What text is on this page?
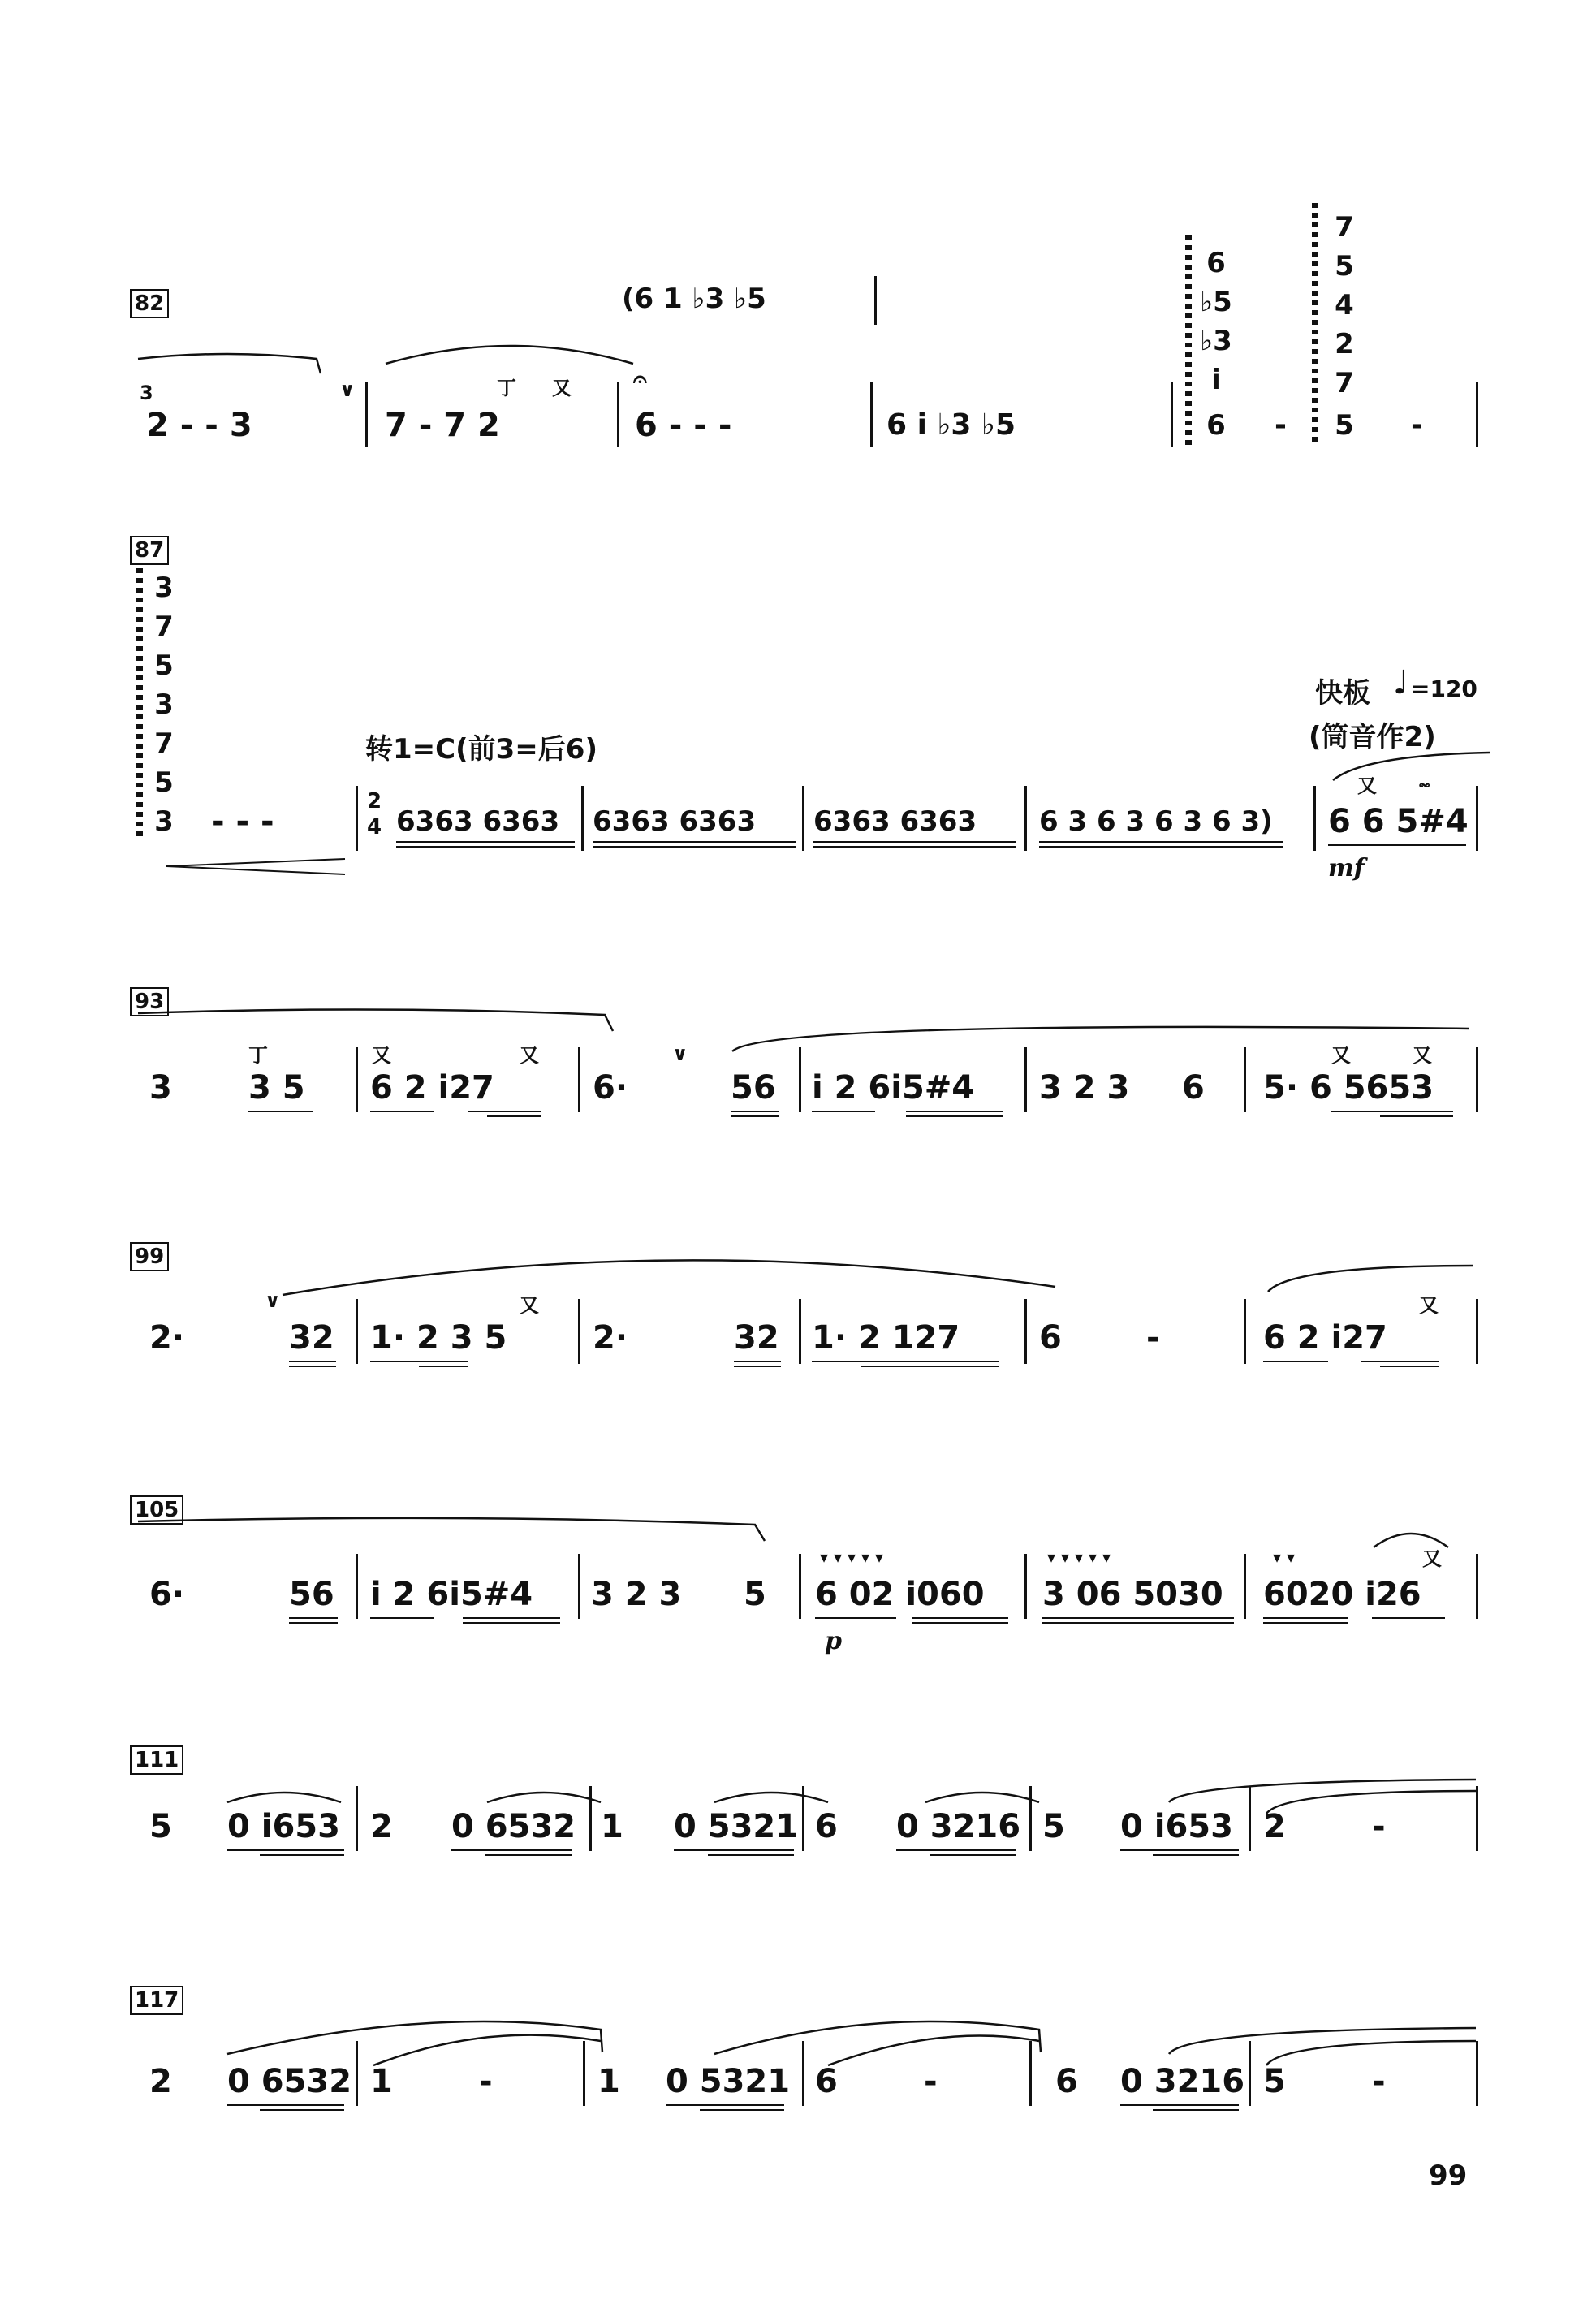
82	(6 1 ♭3 ♭5
3
2 - - 3
∨	丁 又
7 - 7 2
𝄐
6 - - -	6 i ♭3 ♭5
6
♭5
♭3
i
6 -
7
5
4
2
7
5 -
87
3
7
5
3
7
5
3 - - -
转1=C(前3=后6)
快板 ♩ =120
(筒音作2)
2
4 6363 6363 6363 6363 6363 6363 6 3 6 3 6 3 6 3)
又 𝆗
6 6 5#4
mf
93
丁	又	又	∨	又	又
3 3 5 6 2 i27	6·	56 i 2 6i5#4 3 2 3 6 5· 6 5653
99
∨	又	又
2·	32 1· 2 3 5	2·	32 1· 2 127 6	-	6 2 i27
105
又
6·	56 i 2 6i5#4 3 2 3 5
▾ ▾ ▾ ▾ ▾
6 02 i060
p
▾ ▾ ▾ ▾ ▾
3 06 5030
▾ ▾
6020 i26
111
5 0 i653 2 0 6532 1 0 5321 6 0 3216 5 0 i653 2	-
117
2 0 6532 1	-	1 0 5321 6	-	6 0 3216 5	-
99
